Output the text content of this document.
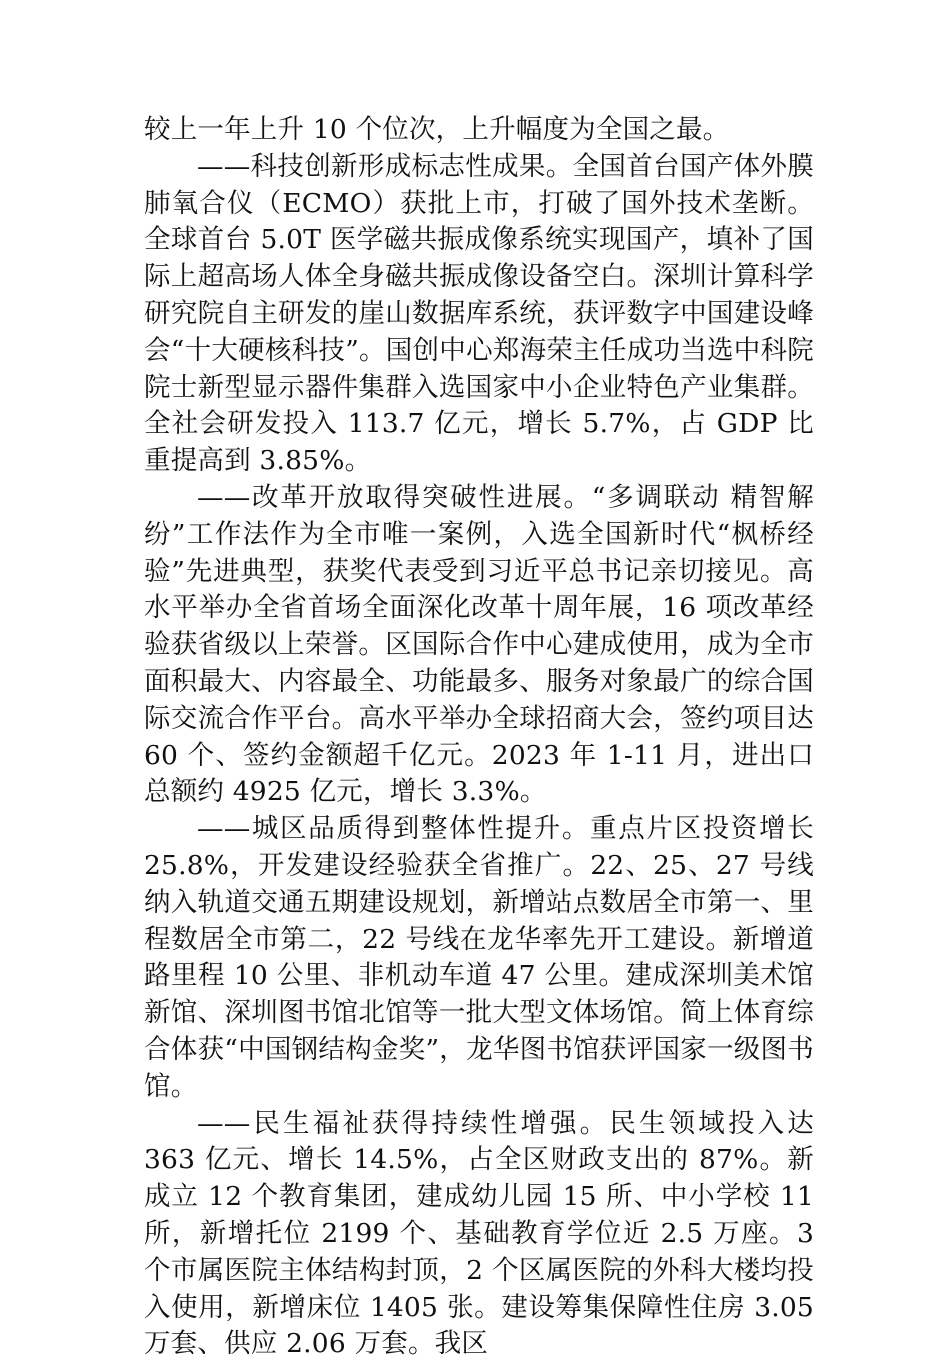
较上一年上升 10 个位次，上升幅度为全国之最。

——科技创新形成标志性成果。全国首台国产体外膜肺氧合仪（ECMO）获批上市，打破了国外技术垄断。全球首台 5.0T 医学磁共振成像系统实现国产，填补了国际上超高场人体全身磁共振成像设备空白。深圳计算科学研究院自主研发的崖山数据库系统，获评数字中国建设峰会“十大硬核科技”。国创中心郑海荣主任成功当选中科院院士新型显示器件集群入选国家中小企业特色产业集群。全社会研发投入 113.7 亿元，增长 5.7%，占 GDP 比重提高到 3.85%。

——改革开放取得突破性进展。“多调联动 精智解纷”工作法作为全市唯一案例，入选全国新时代“枫桥经验”先进典型，获奖代表受到习近平总书记亲切接见。高水平举办全省首场全面深化改革十周年展，16 项改革经验获省级以上荣誉。区国际合作中心建成使用，成为全市面积最大、内容最全、功能最多、服务对象最广的综合国际交流合作平台。高水平举办全球招商大会，签约项目达 60 个、签约金额超千亿元。2023 年 1-11 月，进出口总额约 4925 亿元，增长 3.3%。

——城区品质得到整体性提升。重点片区投资增长 25.8%，开发建设经验获全省推广。22、25、27 号线纳入轨道交通五期建设规划，新增站点数居全市第一、里程数居全市第二，22 号线在龙华率先开工建设。新增道路里程 10 公里、非机动车道 47 公里。建成深圳美术馆新馆、深圳图书馆北馆等一批大型文体场馆。简上体育综合体获“中国钢结构金奖”，龙华图书馆获评国家一级图书馆。

——民生福祉获得持续性增强。民生领域投入达 363 亿元、增长 14.5%，占全区财政支出的 87%。新成立 12 个教育集团，建成幼儿园 15 所、中小学校 11 所，新增托位 2199 个、基础教育学位近 2.5 万座。3 个市属医院主体结构封顶，2 个区属医院的外科大楼均投入使用，新增床位 1405 张。建设筹集保障性住房 3.05 万套、供应 2.06 万套。我区
